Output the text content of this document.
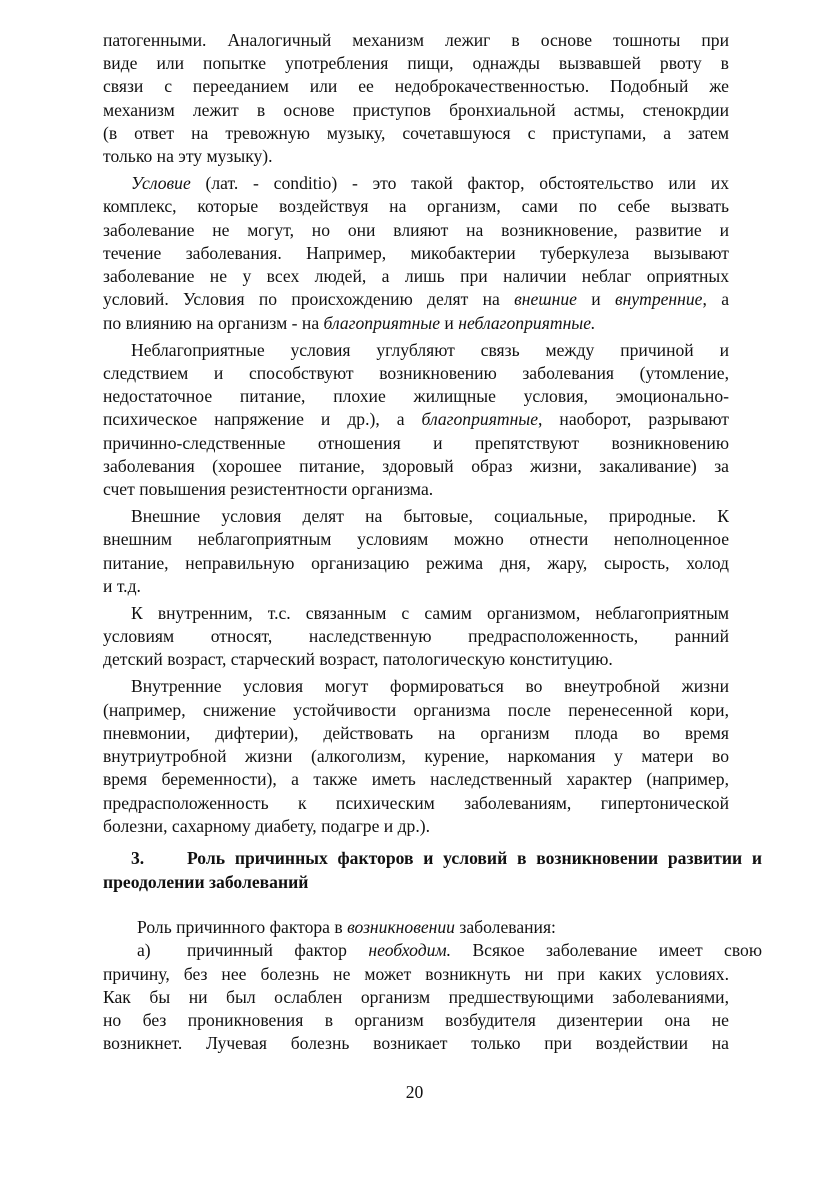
патогенными. Аналогичный механизм лежиг в основе тошноты при
виде или попытке употребления пищи, однажды вызвавшей рвоту в
связи с перееданием или ее недоброкачественностью. Подобный же
механизм лежит в основе приступов бронхиальной астмы, стенокрдии
(в ответ на тревожную музыку, сочетавшуюся с приступами, а затем
только на эту музыку).
Условие (лат. - conditio) - это такой фактор, обстоятельство или их
комплекс, которые воздействуя на организм, сами по себе вызвать
заболевание не могут, но они влияют на возникновение, развитие и
течение заболевания. Например, микобактерии туберкулеза вызывают
заболевание не у всех людей, а лишь при наличии неблаг оприятных
условий. Условия по происхождению делят на внешние и внутренние, а
по влиянию на организм - на благоприятные и неблагоприятные.
Неблагоприятные условия углубляют связь между причиной и
следствием и способствуют возникновению заболевания (утомление,
недостаточное питание, плохие жилищные условия, эмоционально-
психическое напряжение и др.), а благоприятные, наоборот, разрывают
причинно-следственные отношения и препятствуют возникновению
заболевания (хорошее питание, здоровый образ жизни, закаливание) за
счет повышения резистентности организма.
Внешние условия делят на бытовые, социальные, природные. К
внешним неблагоприятным условиям можно отнести неполноценное
питание, неправильную организацию режима дня, жару, сырость, холод
и т.д.
К внутренним, т.с. связанным с самим организмом, неблагоприятным
условиям относят, наследственную предрасположенность, ранний
детский возраст, старческий возраст, патологическую конституцию.
Внутренние условия могут формироваться во внеутробной жизни
(например, снижение устойчивости организма после перенесенной кори,
пневмонии, дифтерии), действовать на организм плода во время
внутриутробной жизни (алкоголизм, курение, наркомания у матери во
время беременности), а также иметь наследственный характер (например,
предрасположенность к психическим заболеваниям, гипертонической
болезни, сахарному диабету, подагре и др.).
3.	Роль причинных факторов и условий в возникновении развитии и
преодолении заболеваний
Роль причинного фактора в возникновении заболевания:
а)	причинный фактор необходим. Всякое заболевание имеет свою
причину, без нее болезнь не может возникнуть ни при каких условиях.
Как бы ни был ослаблен организм предшествующими заболеваниями,
но без проникновения в организм возбудителя дизентерии она не
возникнет. Лучевая болезнь возникает только при воздействии на
20
